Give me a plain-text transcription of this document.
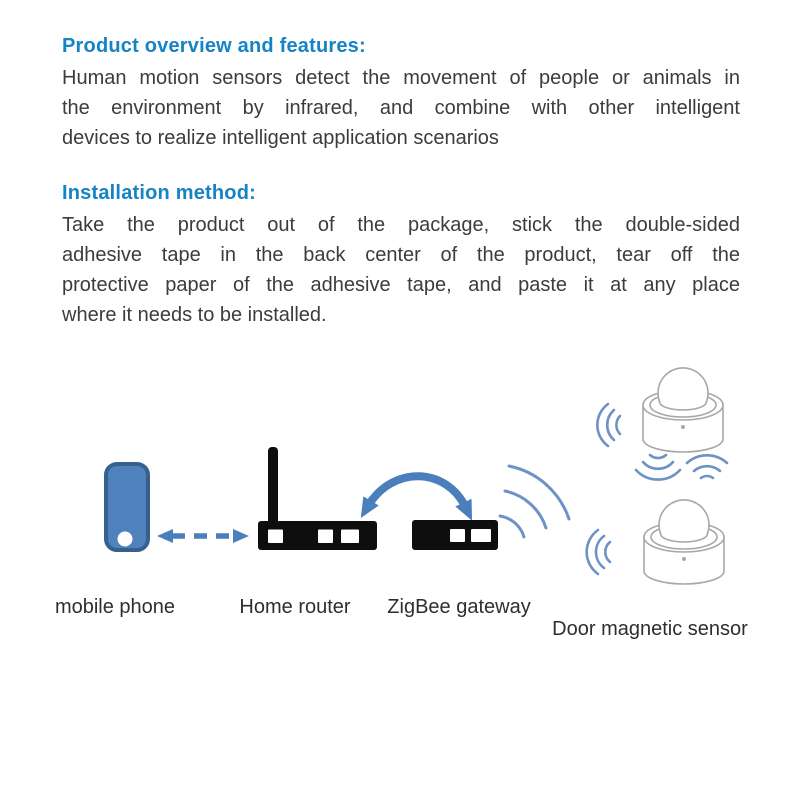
Product overview and features:
Human motion sensors detect the movement of people or animals in
the environment by infrared, and combine with other intelligent
devices to realize intelligent application scenarios
Installation method:
Take the product out of the package, stick the double-sided
adhesive tape in the back center of the product, tear off the
protective paper of the adhesive tape, and paste it at any place
where it needs to be installed.
mobile phone	Home router	ZigBee gateway
Door magnetic sensor
